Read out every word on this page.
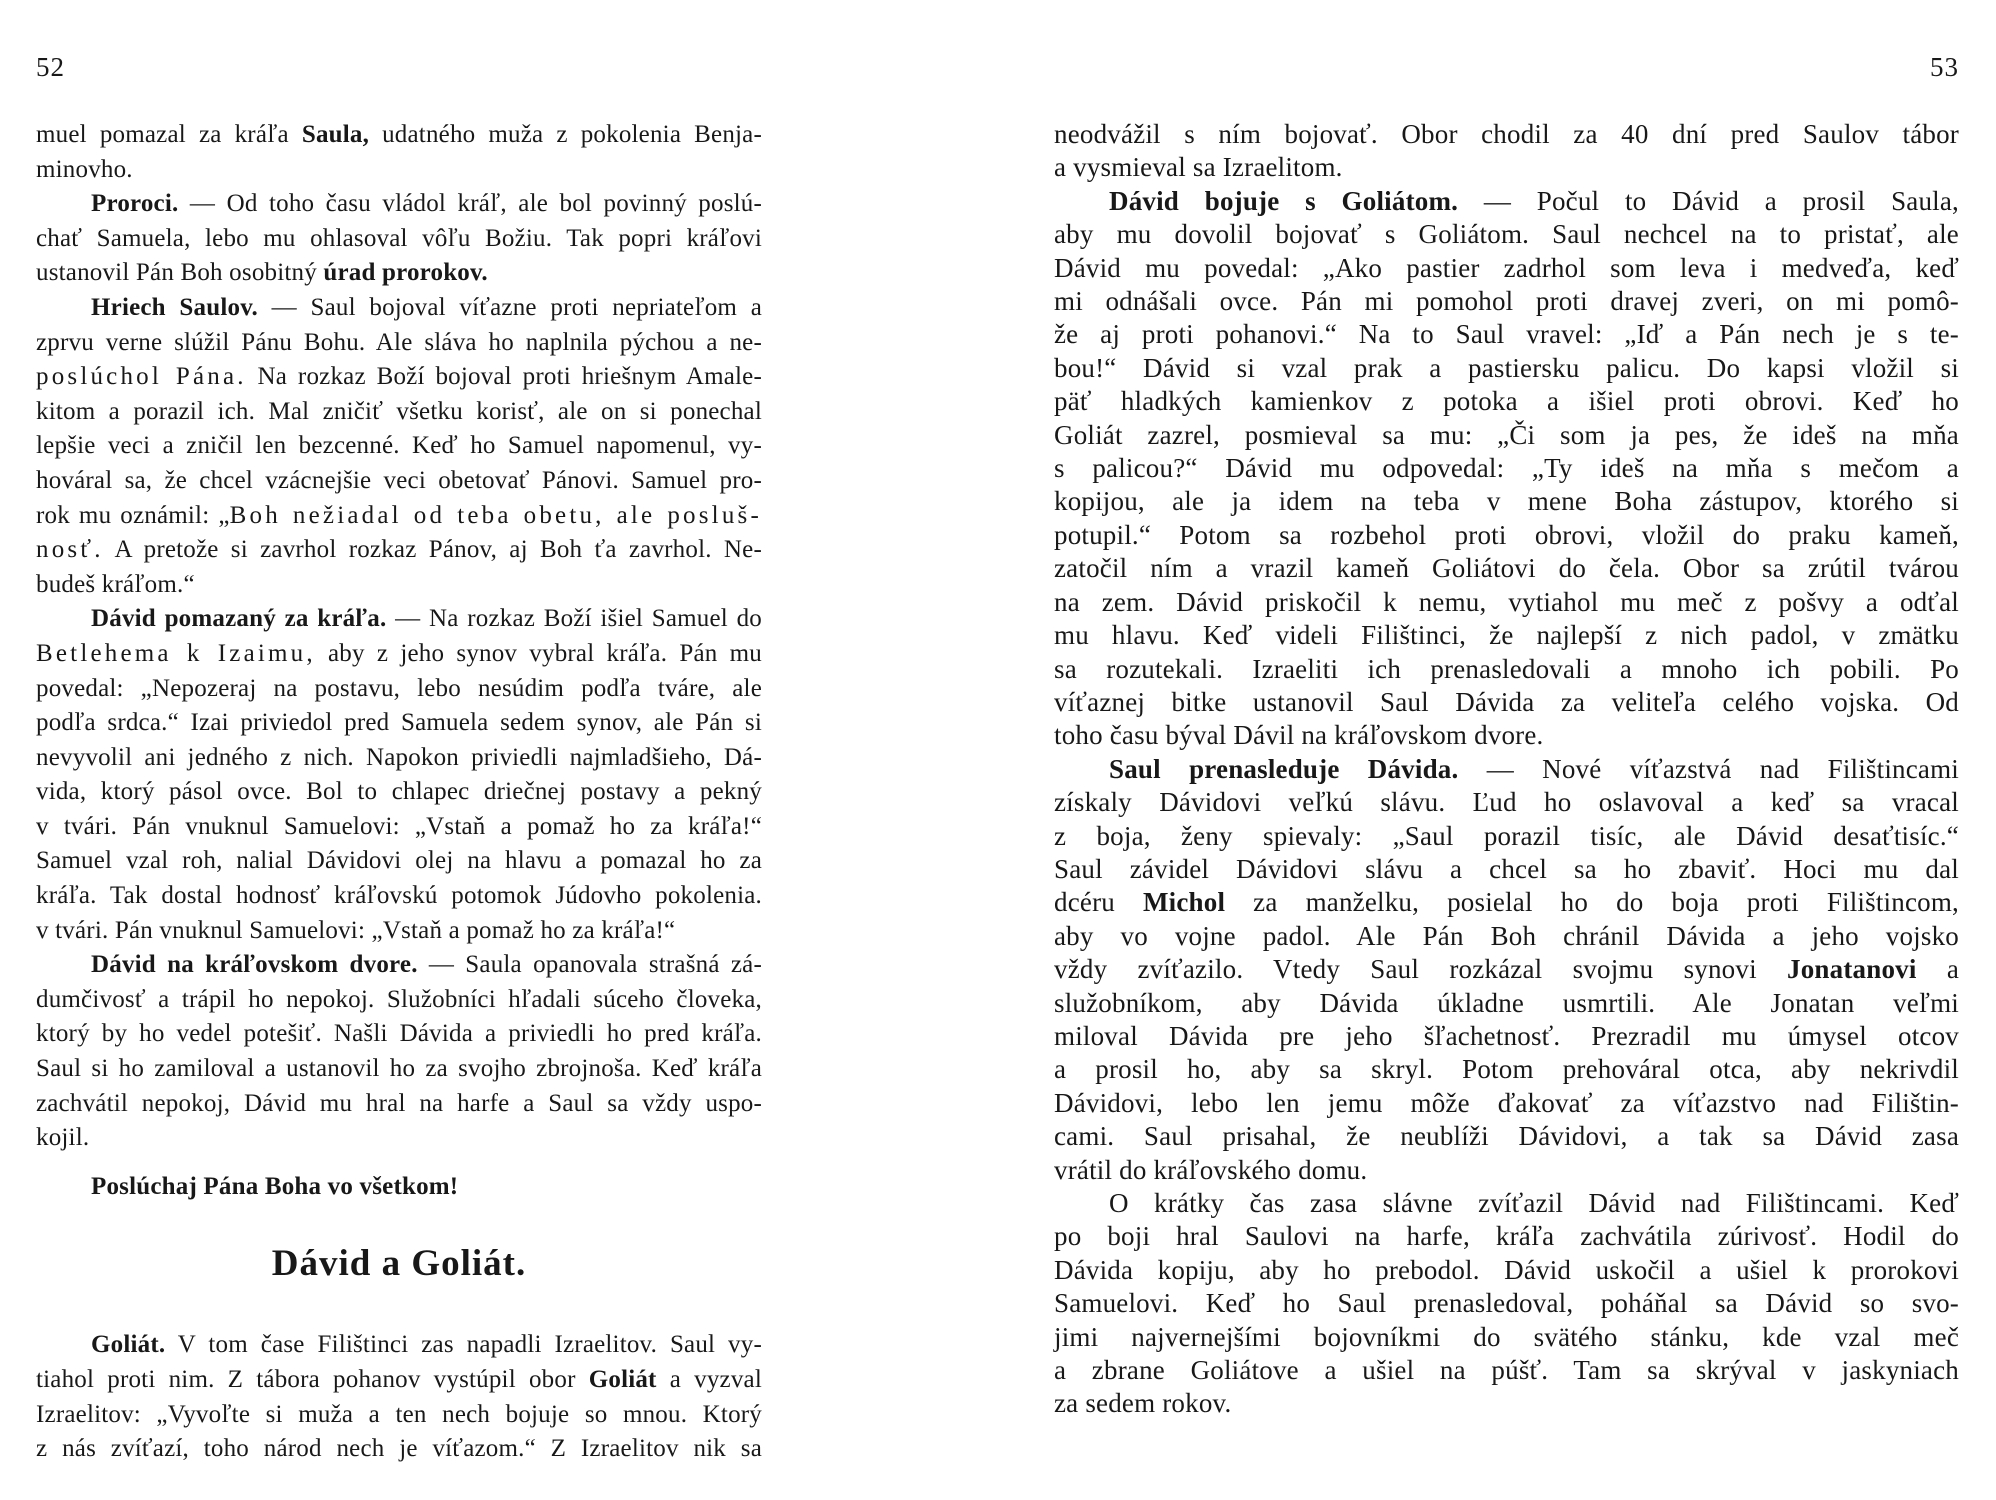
52
muel pomazal za kráľa Saula, udatného muža z pokolenia Benja-
minovho.
Proroci. — Od toho času vládol kráľ, ale bol povinný poslú-
chať Samuela, lebo mu ohlasoval vôľu Božiu. Tak popri kráľovi
ustanovil Pán Boh osobitný úrad prorokov.
Hriech Saulov. — Saul bojoval víťazne proti nepriateľom a
zprvu verne slúžil Pánu Bohu. Ale sláva ho naplnila pýchou a ne-
poslúchol Pána. Na rozkaz Boží bojoval proti hriešnym Amale-
kitom a porazil ich. Mal zničiť všetku korisť, ale on si ponechal
lepšie veci a zničil len bezcenné. Keď ho Samuel napomenul, vy-
hováral sa, že chcel vzácnejšie veci obetovať Pánovi. Samuel pro-
rok mu oznámil: „Boh nežiadal od teba obetu, ale posluš-
nosť. A pretože si zavrhol rozkaz Pánov, aj Boh ťa zavrhol. Ne-
budeš kráľom.“
Dávid pomazaný za kráľa. — Na rozkaz Boží išiel Samuel do
Betlehema k Izaimu, aby z jeho synov vybral kráľa. Pán mu
povedal: „Nepozeraj na postavu, lebo nesúdim podľa tváre, ale
podľa srdca.“ Izai priviedol pred Samuela sedem synov, ale Pán si
nevyvolil ani jedného z nich. Napokon priviedli najmladšieho, Dá-
vida, ktorý pásol ovce. Bol to chlapec driečnej postavy a pekný
v tvári. Pán vnuknul Samuelovi: „Vstaň a pomaž ho za kráľa!“
Samuel vzal roh, nalial Dávidovi olej na hlavu a pomazal ho za
kráľa. Tak dostal hodnosť kráľovskú potomok Júdovho pokolenia.
v tvári. Pán vnuknul Samuelovi: „Vstaň a pomaž ho za kráľa!“
Dávid na kráľovskom dvore. — Saula opanovala strašná zá-
dumčivosť a trápil ho nepokoj. Služobníci hľadali súceho človeka,
ktorý by ho vedel potešiť. Našli Dávida a priviedli ho pred kráľa.
Saul si ho zamiloval a ustanovil ho za svojho zbrojnoša. Keď kráľa
zachvátil nepokoj, Dávid mu hral na harfe a Saul sa vždy uspo-
kojil.
Poslúchaj Pána Boha vo všetkom!
Dávid a Goliát.
Goliát. V tom čase Filištinci zas napadli Izraelitov. Saul vy-
tiahol proti nim. Z tábora pohanov vystúpil obor Goliát a vyzval
Izraelitov: „Vyvoľte si muža a ten nech bojuje so mnou. Ktorý
z nás zvíťazí, toho národ nech je víťazom.“ Z Izraelitov nik sa
53
neodvážil s ním bojovať. Obor chodil za 40 dní pred Saulov tábor
a vysmieval sa Izraelitom.
Dávid bojuje s Goliátom. — Počul to Dávid a prosil Saula,
aby mu dovolil bojovať s Goliátom. Saul nechcel na to pristať, ale
Dávid mu povedal: „Ako pastier zadrhol som leva i medveďa, keď
mi odnášali ovce. Pán mi pomohol proti dravej zveri, on mi pomô-
že aj proti pohanovi.“ Na to Saul vravel: „Iď a Pán nech je s te-
bou!“ Dávid si vzal prak a pastiersku palicu. Do kapsi vložil si
päť hladkých kamienkov z potoka a išiel proti obrovi. Keď ho
Goliát zazrel, posmieval sa mu: „Či som ja pes, že ideš na mňa
s palicou?“ Dávid mu odpovedal: „Ty ideš na mňa s mečom a
kopijou, ale ja idem na teba v mene Boha zástupov, ktorého si
potupil.“ Potom sa rozbehol proti obrovi, vložil do praku kameň,
zatočil ním a vrazil kameň Goliátovi do čela. Obor sa zrútil tvárou
na zem. Dávid priskočil k nemu, vytiahol mu meč z pošvy a odťal
mu hlavu. Keď videli Filištinci, že najlepší z nich padol, v zmätku
sa rozutekali. Izraeliti ich prenasledovali a mnoho ich pobili. Po
víťaznej bitke ustanovil Saul Dávida za veliteľa celého vojska. Od
toho času býval Dávil na kráľovskom dvore.
Saul prenasleduje Dávida. — Nové víťazstvá nad Filištincami
získaly Dávidovi veľkú slávu. Ľud ho oslavoval a keď sa vracal
z boja, ženy spievaly: „Saul porazil tisíc, ale Dávid desaťtisíc.“
Saul závidel Dávidovi slávu a chcel sa ho zbaviť. Hoci mu dal
dcéru Michol za manželku, posielal ho do boja proti Filištincom,
aby vo vojne padol. Ale Pán Boh chránil Dávida a jeho vojsko
vždy zvíťazilo. Vtedy Saul rozkázal svojmu synovi Jonatanovi a
služobníkom, aby Dávida úkladne usmrtili. Ale Jonatan veľmi
miloval Dávida pre jeho šľachetnosť. Prezradil mu úmysel otcov
a prosil ho, aby sa skryl. Potom prehováral otca, aby nekrivdil
Dávidovi, lebo len jemu môže ďakovať za víťazstvo nad Filištin-
cami. Saul prisahal, že neublíži Dávidovi, a tak sa Dávid zasa
vrátil do kráľovského domu.
O krátky čas zasa slávne zvíťazil Dávid nad Filištincami. Keď
po boji hral Saulovi na harfe, kráľa zachvátila zúrivosť. Hodil do
Dávida kopiju, aby ho prebodol. Dávid uskočil a ušiel k prorokovi
Samuelovi. Keď ho Saul prenasledoval, poháňal sa Dávid so svo-
jimi najvernejšími bojovníkmi do svätého stánku, kde vzal meč
a zbrane Goliátove a ušiel na púšť. Tam sa skrýval v jaskyniach
za sedem rokov.
